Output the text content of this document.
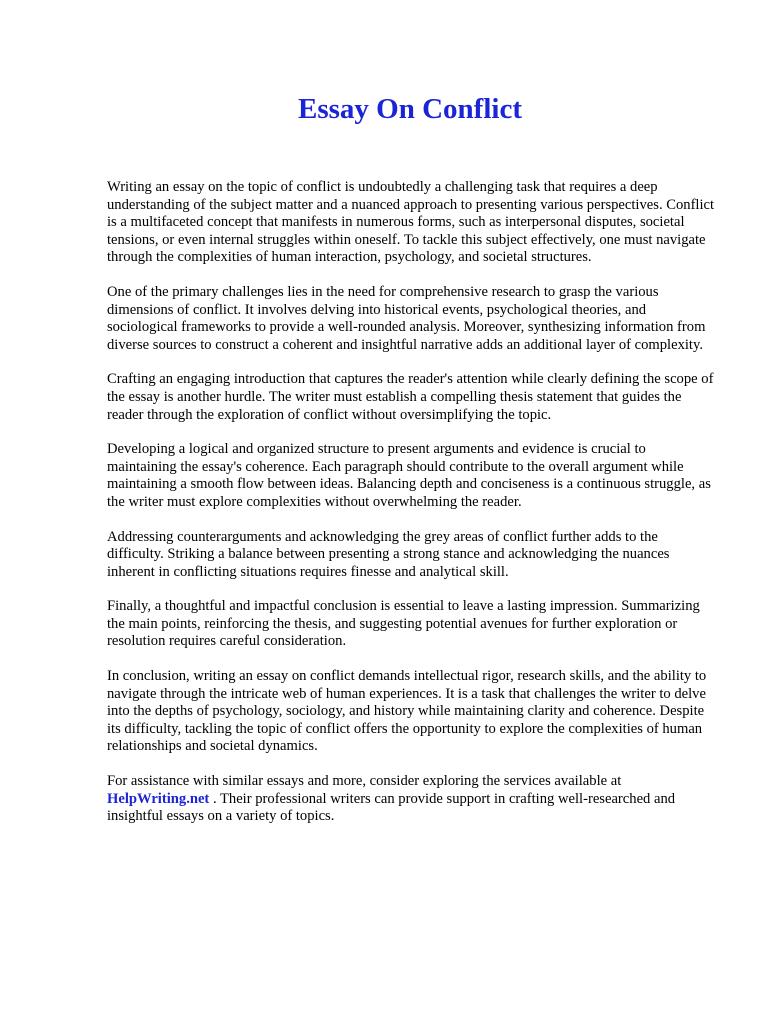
Essay On Conflict

Writing an essay on the topic of conflict is undoubtedly a challenging task that requires a deep understanding of the subject matter and a nuanced approach to presenting various perspectives. Conflict is a multifaceted concept that manifests in numerous forms, such as interpersonal disputes, societal tensions, or even internal struggles within oneself. To tackle this subject effectively, one must navigate through the complexities of human interaction, psychology, and societal structures.

One of the primary challenges lies in the need for comprehensive research to grasp the various dimensions of conflict. It involves delving into historical events, psychological theories, and sociological frameworks to provide a well-rounded analysis. Moreover, synthesizing information from diverse sources to construct a coherent and insightful narrative adds an additional layer of complexity.

Crafting an engaging introduction that captures the reader's attention while clearly defining the scope of the essay is another hurdle. The writer must establish a compelling thesis statement that guides the reader through the exploration of conflict without oversimplifying the topic.

Developing a logical and organized structure to present arguments and evidence is crucial to maintaining the essay's coherence. Each paragraph should contribute to the overall argument while maintaining a smooth flow between ideas. Balancing depth and conciseness is a continuous struggle, as the writer must explore complexities without overwhelming the reader.

Addressing counterarguments and acknowledging the grey areas of conflict further adds to the difficulty. Striking a balance between presenting a strong stance and acknowledging the nuances inherent in conflicting situations requires finesse and analytical skill.

Finally, a thoughtful and impactful conclusion is essential to leave a lasting impression. Summarizing the main points, reinforcing the thesis, and suggesting potential avenues for further exploration or resolution requires careful consideration.

In conclusion, writing an essay on conflict demands intellectual rigor, research skills, and the ability to navigate through the intricate web of human experiences. It is a task that challenges the writer to delve into the depths of psychology, sociology, and history while maintaining clarity and coherence. Despite its difficulty, tackling the topic of conflict offers the opportunity to explore the complexities of human relationships and societal dynamics.

For assistance with similar essays and more, consider exploring the services available at
HelpWriting.net . Their professional writers can provide support in crafting well-researched and insightful essays on a variety of topics.
